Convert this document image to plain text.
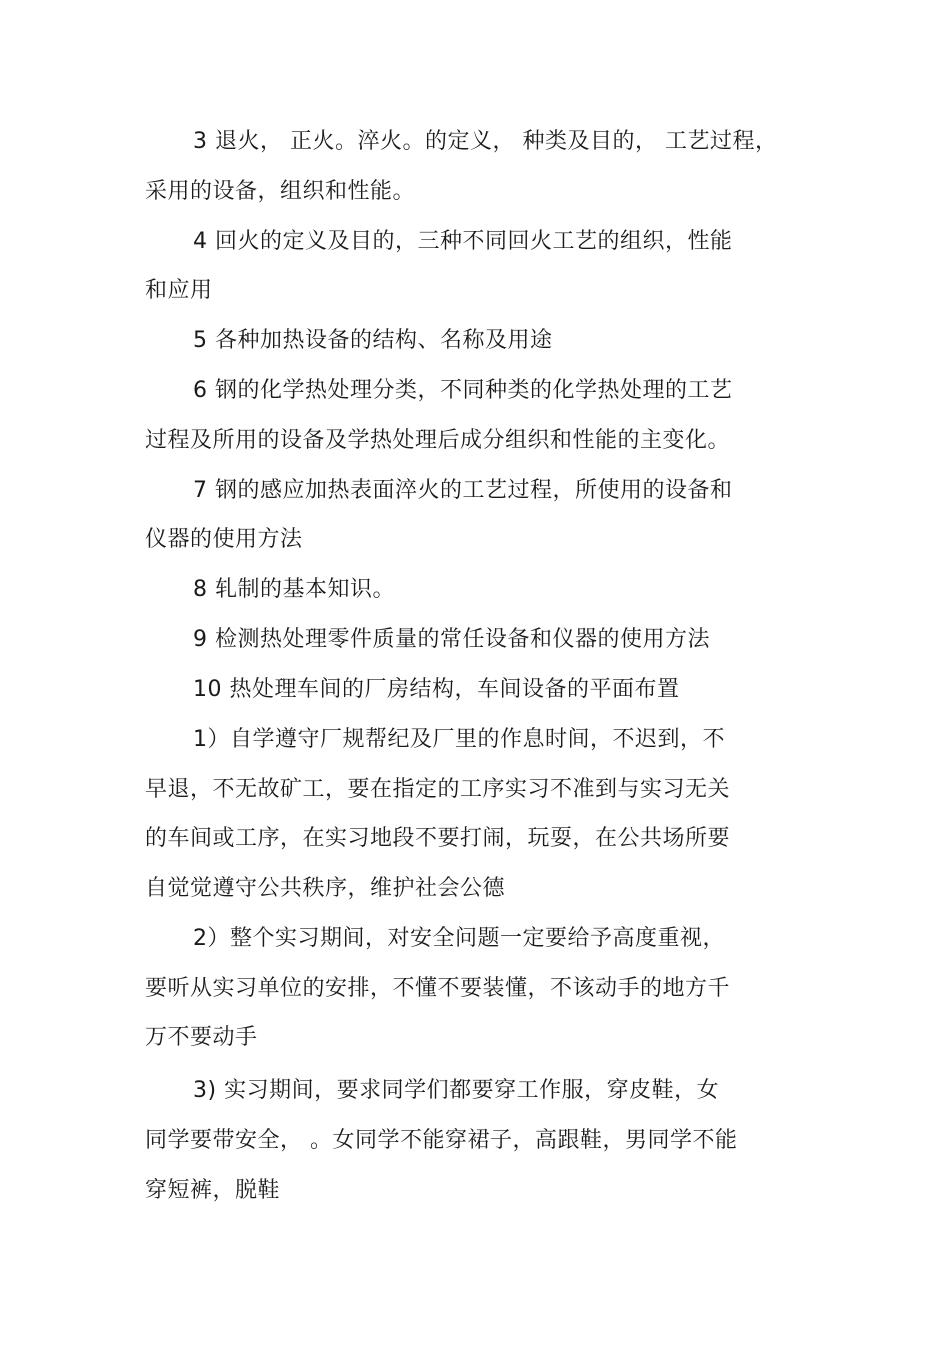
3 退火， 正火。淬火。的定义， 种类及目的， 工艺过程，
采用的设备，组织和性能。
4 回火的定义及目的，三种不同回火工艺的组织，性能
和应用
5 各种加热设备的结构、名称及用途
6 钢的化学热处理分类，不同种类的化学热处理的工艺
过程及所用的设备及学热处理后成分组织和性能的主变化。
7 钢的感应加热表面淬火的工艺过程，所使用的设备和
仪器的使用方法
8 轧制的基本知识。
9 检测热处理零件质量的常任设备和仪器的使用方法
10 热处理车间的厂房结构，车间设备的平面布置
1）自学遵守厂规帮纪及厂里的作息时间，不迟到，不
早退，不无故矿工，要在指定的工序实习不准到与实习无关
的车间或工序，在实习地段不要打闹，玩耍，在公共场所要
自觉觉遵守公共秩序，维护社会公德
2）整个实习期间，对安全问题一定要给予高度重视，
要听从实习单位的安排，不懂不要装懂，不该动手的地方千
万不要动手
3) 实习期间，要求同学们都要穿工作服，穿皮鞋，女
同学要带安全， 。女同学不能穿裙子，高跟鞋，男同学不能
穿短裤，脱鞋
